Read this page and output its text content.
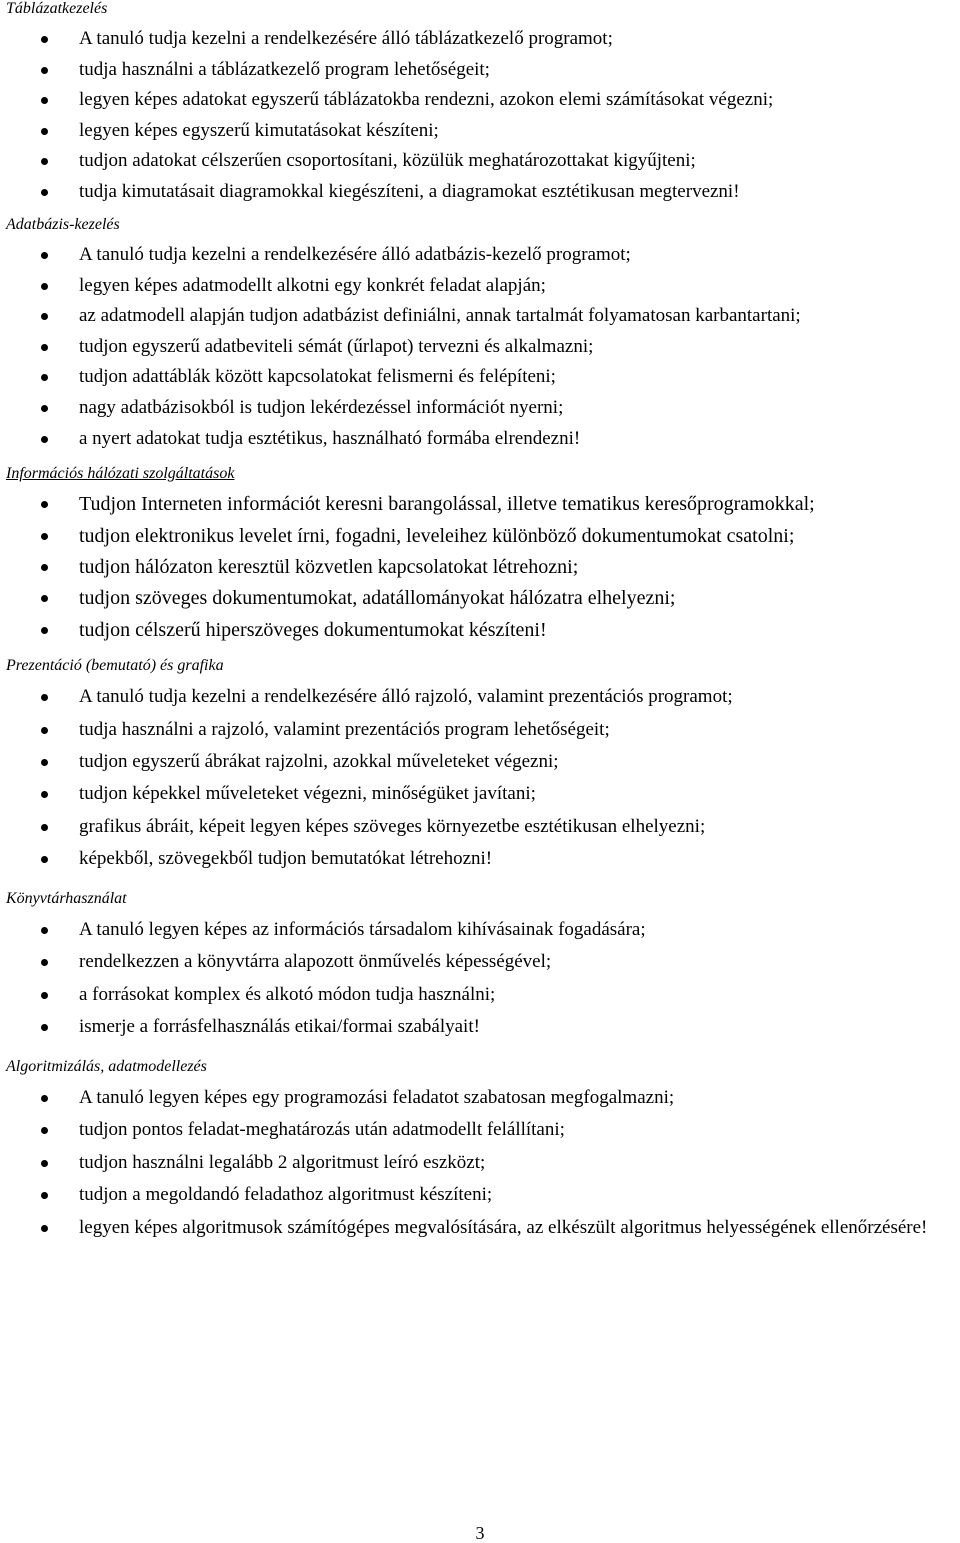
Táblázatkezelés
A tanuló tudja kezelni a rendelkezésére álló táblázatkezelő programot;
tudja használni a táblázatkezelő program lehetőségeit;
legyen képes adatokat egyszerű táblázatokba rendezni, azokon elemi számításokat végezni;
legyen képes egyszerű kimutatásokat készíteni;
tudjon adatokat célszerűen csoportosítani, közülük meghatározottakat kigyűjteni;
tudja kimutatásait diagramokkal kiegészíteni, a diagramokat esztétikusan megtervezni!
Adatbázis-kezelés
A tanuló tudja kezelni a rendelkezésére álló adatbázis-kezelő programot;
legyen képes adatmodellt alkotni egy konkrét feladat alapján;
az adatmodell alapján tudjon adatbázist definiálni, annak tartalmát folyamatosan karbantartani;
tudjon egyszerű adatbeviteli sémát (űrlapot) tervezni és alkalmazni;
tudjon adattáblák között kapcsolatokat felismerni és felépíteni;
nagy adatbázisokból is tudjon lekérdezéssel információt nyerni;
a nyert adatokat tudja esztétikus, használható formába elrendezni!
Információs hálózati szolgáltatások
Tudjon Interneten információt keresni barangolással, illetve tematikus keresőprogramokkal;
tudjon elektronikus levelet írni, fogadni, leveleihez különböző dokumentumokat csatolni;
tudjon hálózaton keresztül közvetlen kapcsolatokat létrehozni;
tudjon szöveges dokumentumokat, adatállományokat hálózatra elhelyezni;
tudjon célszerű hiperszöveges dokumentumokat készíteni!
Prezentáció (bemutató) és grafika
A tanuló tudja kezelni a rendelkezésére álló rajzoló, valamint prezentációs programot;
tudja használni a rajzoló, valamint prezentációs program lehetőségeit;
tudjon egyszerű ábrákat rajzolni, azokkal műveleteket végezni;
tudjon képekkel műveleteket végezni, minőségüket javítani;
grafikus ábráit, képeit legyen képes szöveges környezetbe esztétikusan elhelyezni;
képekből, szövegekből tudjon bemutatókat létrehozni!
Könyvtárhasználat
A tanuló legyen képes az információs társadalom kihívásainak fogadására;
rendelkezzen a könyvtárra alapozott önművelés képességével;
a forrásokat komplex és alkotó módon tudja használni;
ismerje a forrásfelhasználás etikai/formai szabályait!
Algoritmizálás, adatmodellezés
A tanuló legyen képes egy programozási feladatot szabatosan megfogalmazni;
tudjon pontos feladat-meghatározás után adatmodellt felállítani;
tudjon használni legalább 2 algoritmust leíró eszközt;
tudjon a megoldandó feladathoz algoritmust készíteni;
legyen képes algoritmusok számítógépes megvalósítására, az elkészült algoritmus helyességének ellenőrzésére!
3
